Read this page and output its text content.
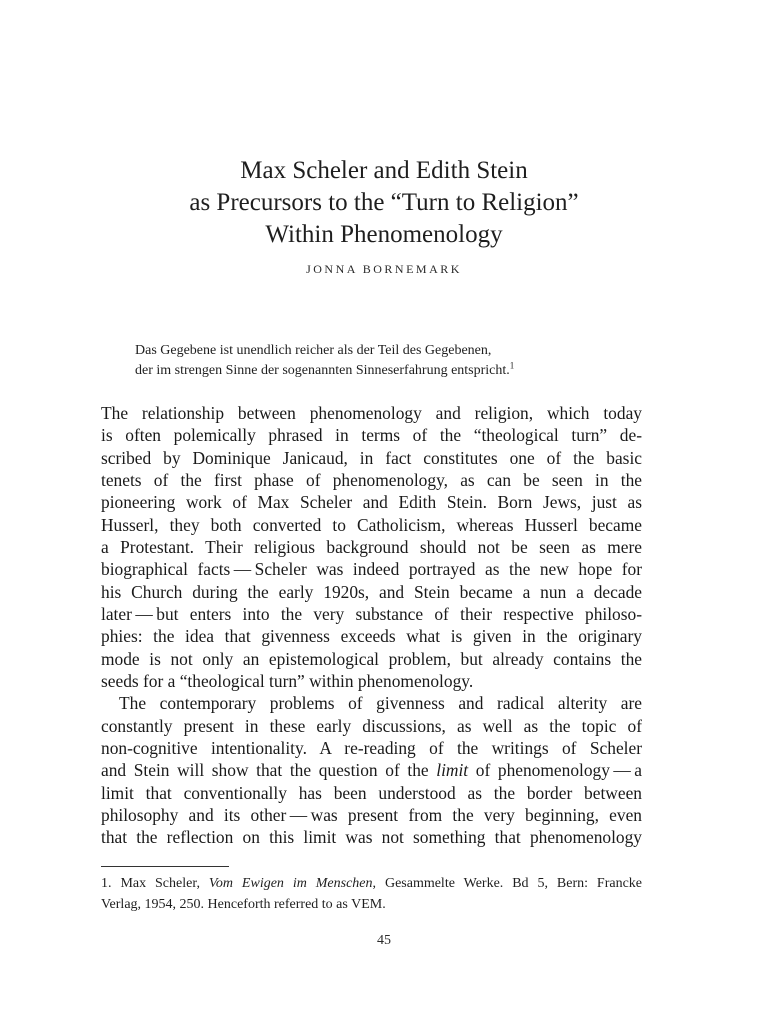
Max Scheler and Edith Stein
as Precursors to the “Turn to Religion”
Within Phenomenology
JONNA BORNEMARK
Das Gegebene ist unendlich reicher als der Teil des Gegebenen,
der im strengen Sinne der sogenannten Sinneserfahrung entspricht.$^1$
The relationship between phenomenology and religion, which today
is often polemically phrased in terms of the “theological turn” de-
scribed by Dominique Janicaud, in fact constitutes one of the basic
tenets of the first phase of phenomenology, as can be seen in the
pioneering work of Max Scheler and Edith Stein. Born Jews, just as
Husserl, they both converted to Catholicism, whereas Husserl became
a Protestant. Their religious background should not be seen as mere
biographical facts — Scheler was indeed portrayed as the new hope for
his Church during the early 1920s, and Stein became a nun a decade
later — but enters into the very substance of their respective philoso-
phies: the idea that givenness exceeds what is given in the originary
mode is not only an epistemological problem, but already contains the
seeds for a “theological turn” within phenomenology.
The contemporary problems of givenness and radical alterity are
constantly present in these early discussions, as well as the topic of
non-cognitive intentionality. A re-reading of the writings of Scheler
and Stein will show that the question of the limit of phenomenology — a
limit that conventionally has been understood as the border between
philosophy and its other — was present from the very beginning, even
that the reflection on this limit was not something that phenomenology
1. Max Scheler, Vom Ewigen im Menschen, Gesammelte Werke. Bd 5, Bern: Francke
Verlag, 1954, 250. Henceforth referred to as VEM.
45
